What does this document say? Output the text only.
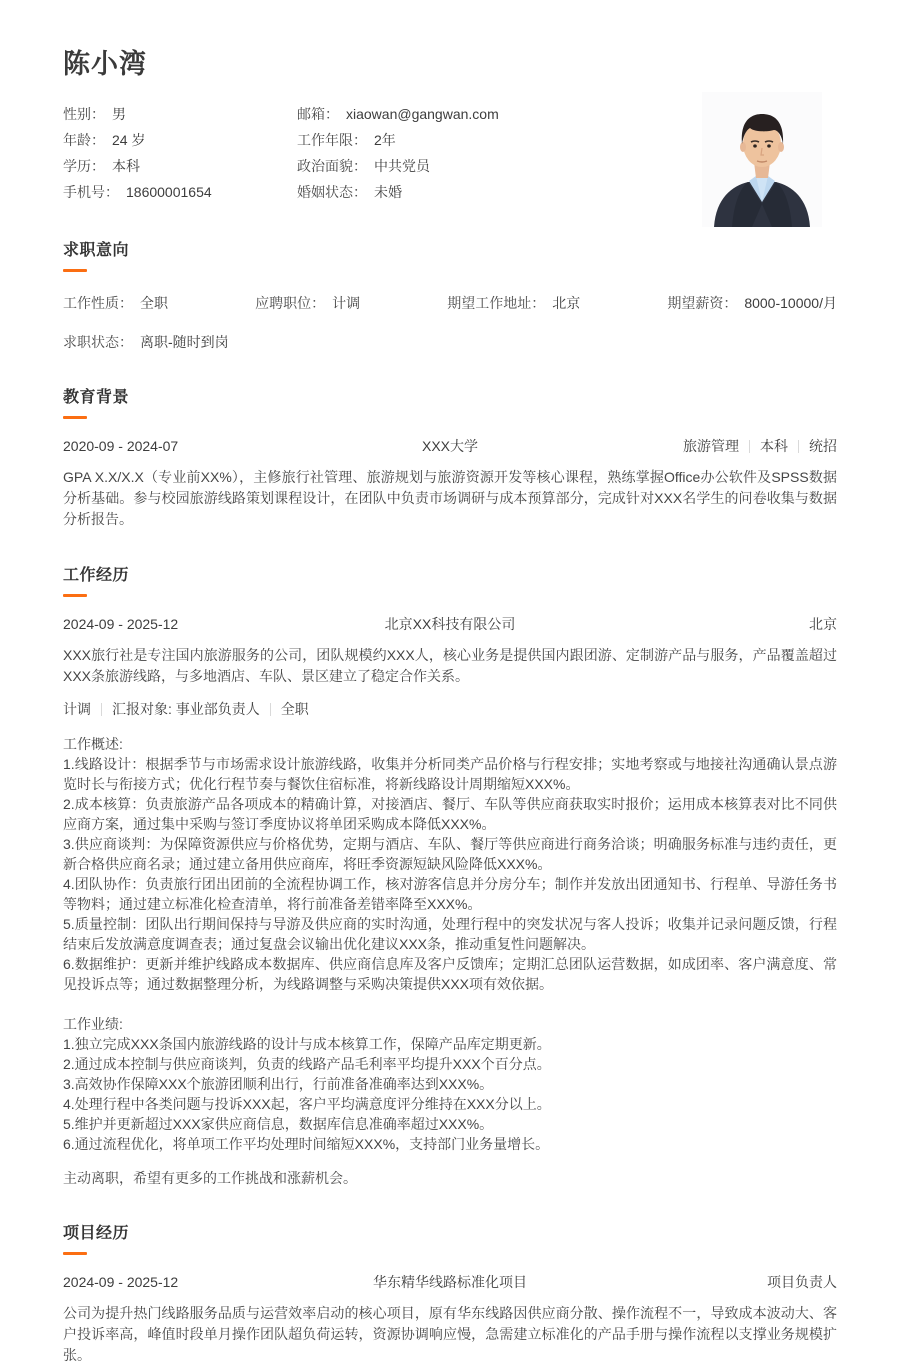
陈小湾
性别： 男
年龄： 24 岁
学历： 本科
手机号： 18600001654
邮箱： xiaowan@gangwan.com
工作年限： 2年
政治面貌： 中共党员
婚姻状态： 未婚
求职意向
工作性质： 全职	应聘职位： 计调	期望工作地址： 北京	期望薪资： 8000-10000/月
求职状态： 离职-随时到岗
教育背景
2020-09 - 2024-07	XXX大学	旅游管理 本科 统招

GPA X.X/X.X（专业前XX%），主修旅行社管理、旅游规划与旅游资源开发等核心课程，熟练掌握Office办公软件及SPSS数据分析基础。参与校园旅游线路策划课程设计，在团队中负责市场调研与成本预算部分，完成针对XXX名学生的问卷收集与数据分析报告。

工作经历
2024-09 - 2025-12	北京XX科技有限公司	北京

XXX旅行社是专注国内旅游服务的公司，团队规模约XXX人，核心业务是提供国内跟团游、定制游产品与服务，产品覆盖超过XXX条旅游线路，与多地酒店、车队、景区建立了稳定合作关系。

计调 汇报对象: 事业部负责人 全职

工作概述:

1.线路设计：根据季节与市场需求设计旅游线路，收集并分析同类产品价格与行程安排；实地考察或与地接社沟通确认景点游览时长与衔接方式；优化行程节奏与餐饮住宿标准，将新线路设计周期缩短XXX%。

2.成本核算：负责旅游产品各项成本的精确计算，对接酒店、餐厅、车队等供应商获取实时报价；运用成本核算表对比不同供应商方案，通过集中采购与签订季度协议将单团采购成本降低XXX%。

3.供应商谈判：为保障资源供应与价格优势，定期与酒店、车队、餐厅等供应商进行商务洽谈；明确服务标准与违约责任，更新合格供应商名录；通过建立备用供应商库，将旺季资源短缺风险降低XXX%。

4.团队协作：负责旅行团出团前的全流程协调工作，核对游客信息并分房分车；制作并发放出团通知书、行程单、导游任务书等物料；通过建立标准化检查清单，将行前准备差错率降至XXX%。

5.质量控制：团队出行期间保持与导游及供应商的实时沟通，处理行程中的突发状况与客人投诉；收集并记录问题反馈，行程结束后发放满意度调查表；通过复盘会议输出优化建议XXX条，推动重复性问题解决。

6.数据维护：更新并维护线路成本数据库、供应商信息库及客户反馈库；定期汇总团队运营数据，如成团率、客户满意度、常见投诉点等；通过数据整理分析，为线路调整与采购决策提供XXX项有效依据。

工作业绩:

1.独立完成XXX条国内旅游线路的设计与成本核算工作，保障产品库定期更新。

2.通过成本控制与供应商谈判，负责的线路产品毛利率平均提升XXX个百分点。

3.高效协作保障XXX个旅游团顺利出行，行前准备准确率达到XXX%。

4.处理行程中各类问题与投诉XXX起，客户平均满意度评分维持在XXX分以上。

5.维护并更新超过XXX家供应商信息，数据库信息准确率超过XXX%。

6.通过流程优化，将单项工作平均处理时间缩短XXX%，支持部门业务量增长。

主动离职，希望有更多的工作挑战和涨薪机会。

项目经历
2024-09 - 2025-12	华东精华线路标准化项目	项目负责人

公司为提升热门线路服务品质与运营效率启动的核心项目，原有华东线路因供应商分散、操作流程不一，导致成本波动大、客户投诉率高，峰值时段单月操作团队超负荷运转，资源协调响应慢，急需建立标准化的产品手册与操作流程以支撑业务规模扩张。
